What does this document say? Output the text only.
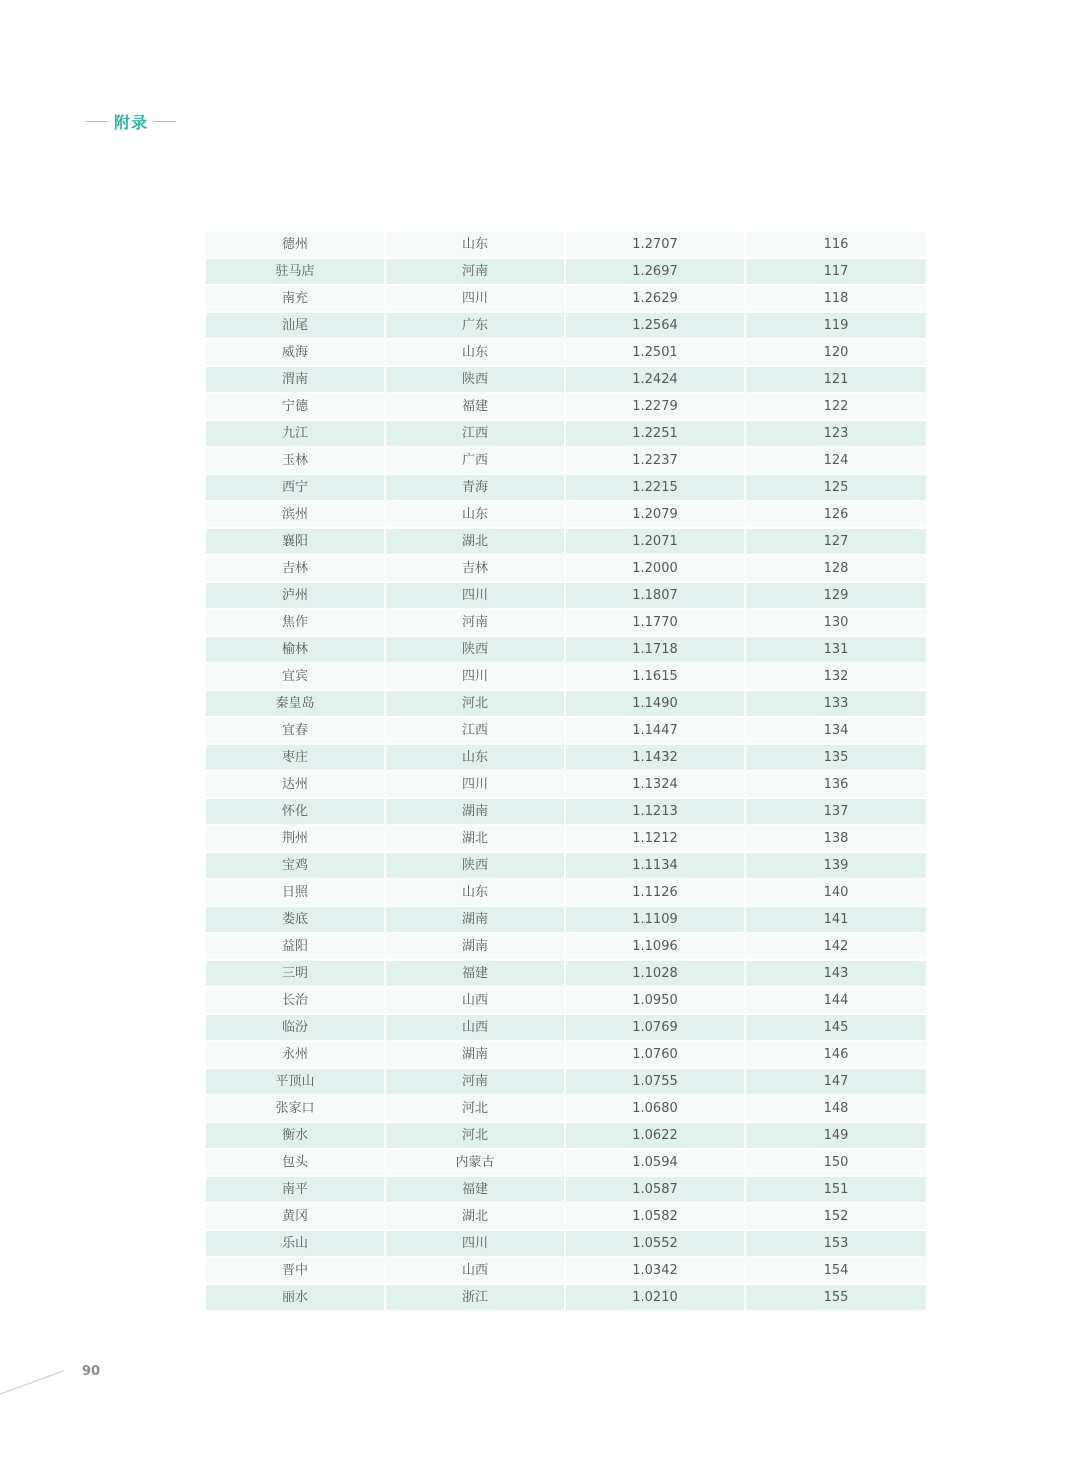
附录
德州	山东	1.2707	116
驻马店	河南	1.2697	117
南充	四川	1.2629	118
汕尾	广东	1.2564	119
威海	山东	1.2501	120
渭南	陕西	1.2424	121
宁德	福建	1.2279	122
九江	江西	1.2251	123
玉林	广西	1.2237	124
西宁	青海	1.2215	125
滨州	山东	1.2079	126
襄阳	湖北	1.2071	127
吉林	吉林	1.2000	128
泸州	四川	1.1807	129
焦作	河南	1.1770	130
榆林	陕西	1.1718	131
宜宾	四川	1.1615	132
秦皇岛	河北	1.1490	133
宜春	江西	1.1447	134
枣庄	山东	1.1432	135
达州	四川	1.1324	136
怀化	湖南	1.1213	137
荆州	湖北	1.1212	138
宝鸡	陕西	1.1134	139
日照	山东	1.1126	140
娄底	湖南	1.1109	141
益阳	湖南	1.1096	142
三明	福建	1.1028	143
长治	山西	1.0950	144
临汾	山西	1.0769	145
永州	湖南	1.0760	146
平顶山	河南	1.0755	147
张家口	河北	1.0680	148
衡水	河北	1.0622	149
包头	内蒙古	1.0594	150
南平	福建	1.0587	151
黄冈	湖北	1.0582	152
乐山	四川	1.0552	153
晋中	山西	1.0342	154
丽水	浙江	1.0210	155
90
